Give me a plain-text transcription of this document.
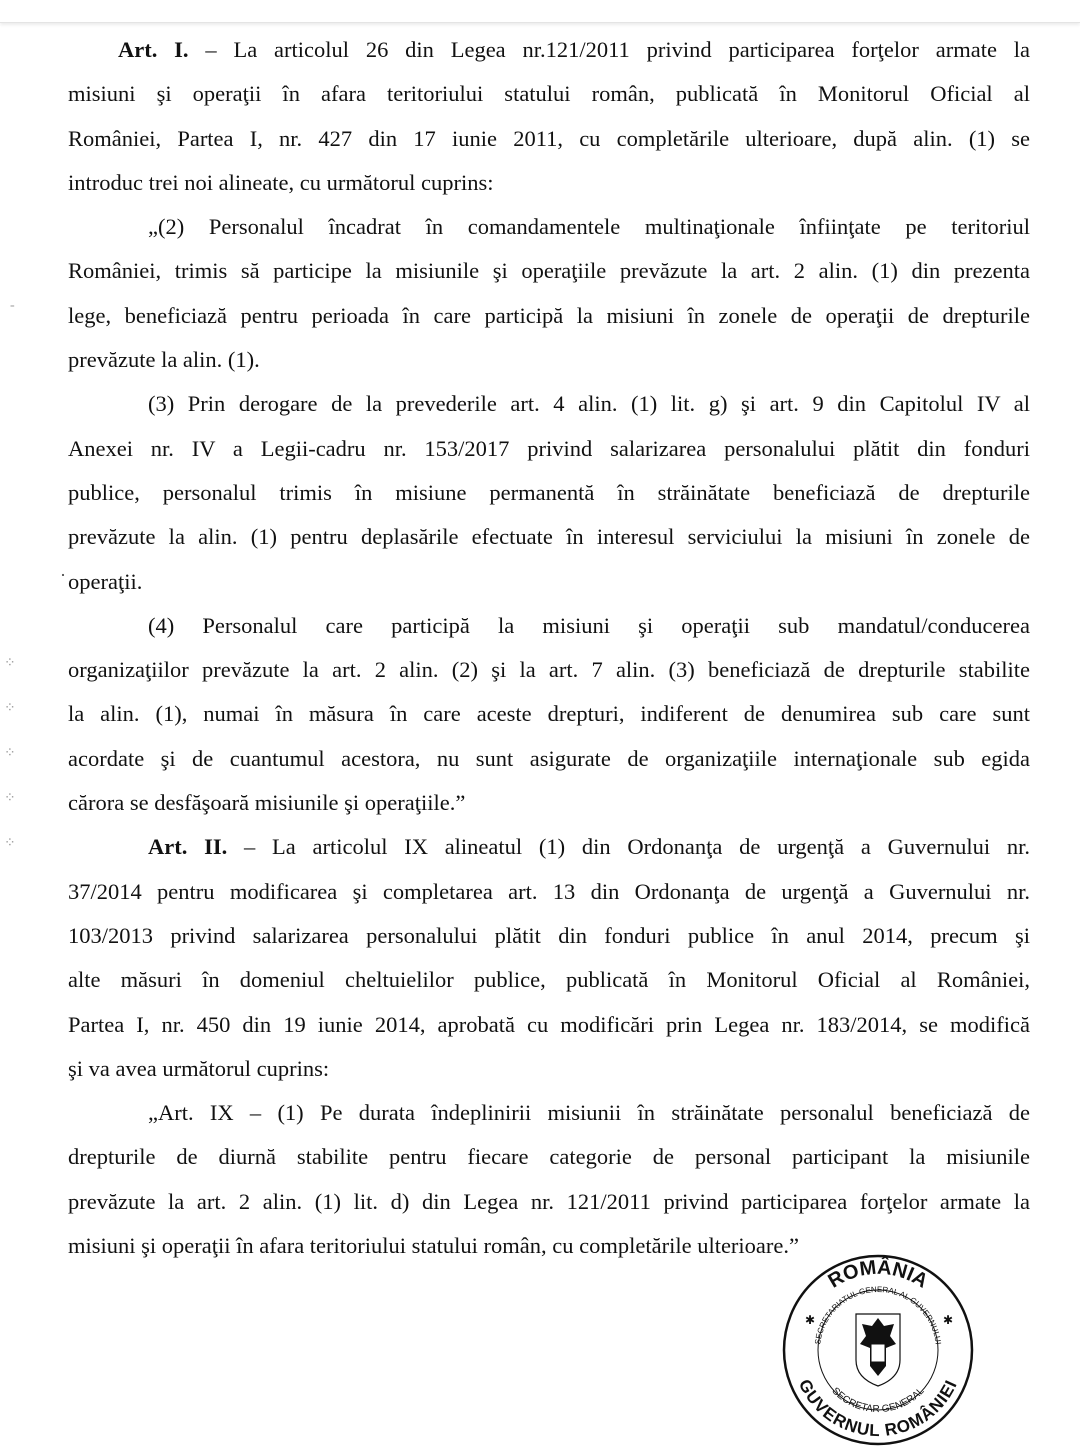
Art. I. – La articolul 26 din Legea nr.121/2011 privind participarea forţelor armate la
misiuni şi operaţii în afara teritoriului statului român, publicată în Monitorul Oficial al
României, Partea I, nr. 427 din 17 iunie 2011, cu completările ulterioare, după alin. (1) se
introduc trei noi alineate, cu următorul cuprins:
„(2) Personalul încadrat în comandamentele multinaţionale înfiinţate pe teritoriul
României, trimis să participe la misiunile şi operaţiile prevăzute la art. 2 alin. (1) din prezenta
lege, beneficiază pentru perioada în care participă la misiuni în zonele de operaţii de drepturile
prevăzute la alin. (1).
(3) Prin derogare de la prevederile art. 4 alin. (1) lit. g) şi art. 9 din Capitolul IV al
Anexei nr. IV a Legii-cadru nr. 153/2017 privind salarizarea personalului plătit din fonduri
publice, personalul trimis în misiune permanentă în străinătate beneficiază de drepturile
prevăzute la alin. (1) pentru deplasările efectuate în interesul serviciului la misiuni în zonele de
operaţii.
(4) Personalul care participă la misiuni şi operaţii sub mandatul/conducerea
organizaţiilor prevăzute la art. 2 alin. (2) şi la art. 7 alin. (3) beneficiază de drepturile stabilite
la alin. (1), numai în măsura în care aceste drepturi, indiferent de denumirea sub care sunt
acordate şi de cuantumul acestora, nu sunt asigurate de organizaţiile internaţionale sub egida
cărora se desfăşoară misiunile şi operaţiile.”
Art. II. – La articolul IX alineatul (1) din Ordonanţa de urgenţă a Guvernului nr.
37/2014 pentru modificarea şi completarea art. 13 din Ordonanţa de urgenţă a Guvernului nr.
103/2013 privind salarizarea personalului plătit din fonduri publice în anul 2014, precum şi
alte măsuri în domeniul cheltuielilor publice, publicată în Monitorul Oficial al României,
Partea I, nr. 450 din 19 iunie 2014, aprobată cu modificări prin Legea nr. 183/2014, se modifică
şi va avea următorul cuprins:
„Art. IX – (1) Pe durata îndeplinirii misiunii în străinătate personalul beneficiază de
drepturile de diurnă stabilite pentru fiecare categorie de personal participant la misiunile
prevăzute la art. 2 alin. (1) lit. d) din Legea nr. 121/2011 privind participarea forţelor armate la
misiuni şi operaţii în afara teritoriului statului român, cu completările ulterioare.”
-
·
⁘
⁘
⁘
⁘
⁘
ROMÂNIA
GUVERNUL ROMÂNIEI
SECRETARIATUL GENERAL AL GUVERNULUI
SECRETAR GENERAL
✱	✱
